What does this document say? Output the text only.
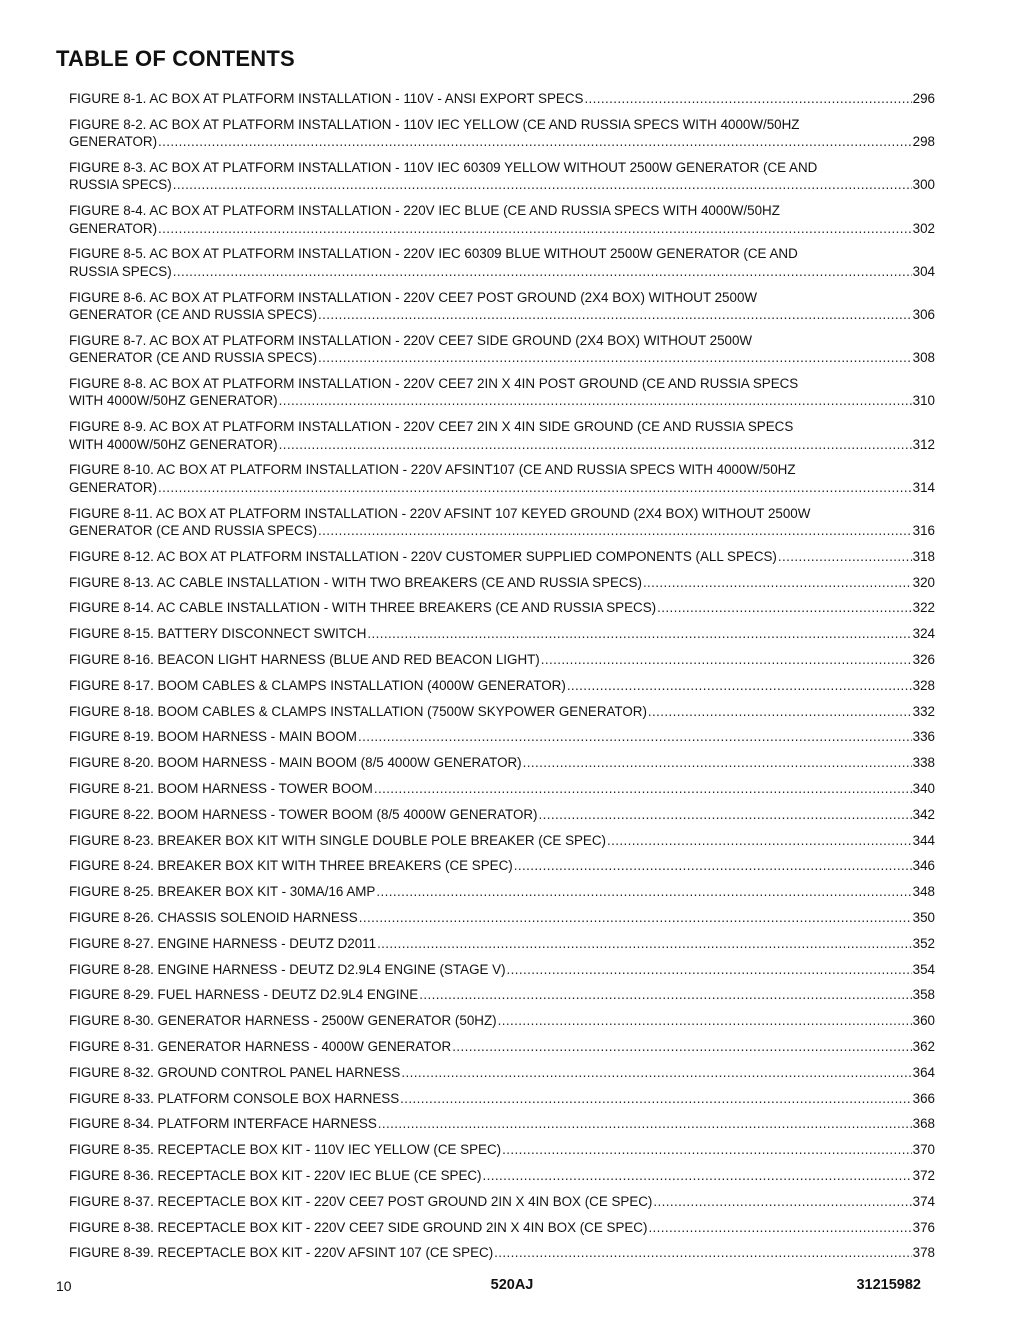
TABLE OF CONTENTS
FIGURE 8-1. AC BOX AT PLATFORM INSTALLATION - 110V - ANSI EXPORT SPECS .....	296
FIGURE 8-2. AC BOX AT PLATFORM INSTALLATION - 110V IEC YELLOW (CE AND RUSSIA SPECS WITH 4000W/50HZ
GENERATOR) .....	298
FIGURE 8-3. AC BOX AT PLATFORM INSTALLATION - 110V IEC 60309 YELLOW WITHOUT 2500W GENERATOR (CE AND
RUSSIA SPECS) .....	300
FIGURE 8-4. AC BOX AT PLATFORM INSTALLATION - 220V IEC BLUE (CE AND RUSSIA SPECS WITH 4000W/50HZ
GENERATOR) .....	302
FIGURE 8-5. AC BOX AT PLATFORM INSTALLATION - 220V IEC 60309 BLUE WITHOUT 2500W GENERATOR (CE AND
RUSSIA SPECS) .....	304
FIGURE 8-6. AC BOX AT PLATFORM INSTALLATION - 220V CEE7 POST GROUND (2X4 BOX) WITHOUT 2500W
GENERATOR (CE AND RUSSIA SPECS) .....	306
FIGURE 8-7. AC BOX AT PLATFORM INSTALLATION - 220V CEE7 SIDE GROUND (2X4 BOX) WITHOUT 2500W
GENERATOR (CE AND RUSSIA SPECS) .....	308
FIGURE 8-8. AC BOX AT PLATFORM INSTALLATION - 220V CEE7 2IN X 4IN POST GROUND (CE AND RUSSIA SPECS
WITH 4000W/50HZ GENERATOR) .....	310
FIGURE 8-9. AC BOX AT PLATFORM INSTALLATION - 220V CEE7 2IN X 4IN SIDE GROUND (CE AND RUSSIA SPECS
WITH 4000W/50HZ GENERATOR) .....	312
FIGURE 8-10. AC BOX AT PLATFORM INSTALLATION - 220V AFSINT107 (CE AND RUSSIA SPECS WITH 4000W/50HZ
GENERATOR) .....	314
FIGURE 8-11. AC BOX AT PLATFORM INSTALLATION - 220V AFSINT 107 KEYED GROUND (2X4 BOX) WITHOUT 2500W
GENERATOR (CE AND RUSSIA SPECS) .....	316
FIGURE 8-12. AC BOX AT PLATFORM INSTALLATION - 220V CUSTOMER SUPPLIED COMPONENTS (ALL SPECS) .....	318
FIGURE 8-13. AC CABLE INSTALLATION - WITH TWO BREAKERS (CE AND RUSSIA SPECS) .....	320
FIGURE 8-14. AC CABLE INSTALLATION - WITH THREE BREAKERS (CE AND RUSSIA SPECS) .....	322
FIGURE 8-15. BATTERY DISCONNECT SWITCH .....	324
FIGURE 8-16. BEACON LIGHT HARNESS (BLUE AND RED BEACON LIGHT) .....	326
FIGURE 8-17. BOOM CABLES & CLAMPS INSTALLATION (4000W GENERATOR) .....	328
FIGURE 8-18. BOOM CABLES & CLAMPS INSTALLATION (7500W SKYPOWER GENERATOR) .....	332
FIGURE 8-19. BOOM HARNESS - MAIN BOOM .....	336
FIGURE 8-20. BOOM HARNESS - MAIN BOOM (8/5 4000W GENERATOR) .....	338
FIGURE 8-21. BOOM HARNESS - TOWER BOOM .....	340
FIGURE 8-22. BOOM HARNESS - TOWER BOOM (8/5 4000W GENERATOR) .....	342
FIGURE 8-23. BREAKER BOX KIT WITH SINGLE DOUBLE POLE BREAKER (CE SPEC) .....	344
FIGURE 8-24. BREAKER BOX KIT WITH THREE BREAKERS (CE SPEC) .....	346
FIGURE 8-25. BREAKER BOX KIT - 30MA/16 AMP .....	348
FIGURE 8-26. CHASSIS SOLENOID HARNESS .....	350
FIGURE 8-27. ENGINE HARNESS - DEUTZ D2011 .....	352
FIGURE 8-28. ENGINE HARNESS - DEUTZ D2.9L4 ENGINE (STAGE V) .....	354
FIGURE 8-29. FUEL HARNESS - DEUTZ D2.9L4 ENGINE .....	358
FIGURE 8-30. GENERATOR HARNESS - 2500W GENERATOR (50HZ) .....	360
FIGURE 8-31. GENERATOR HARNESS - 4000W GENERATOR .....	362
FIGURE 8-32. GROUND CONTROL PANEL HARNESS .....	364
FIGURE 8-33. PLATFORM CONSOLE BOX HARNESS .....	366
FIGURE 8-34. PLATFORM INTERFACE HARNESS .....	368
FIGURE 8-35. RECEPTACLE BOX KIT - 110V IEC YELLOW (CE SPEC) .....	370
FIGURE 8-36. RECEPTACLE BOX KIT - 220V IEC BLUE (CE SPEC) .....	372
FIGURE 8-37. RECEPTACLE BOX KIT - 220V CEE7 POST GROUND 2IN X 4IN BOX (CE SPEC) .....	374
FIGURE 8-38. RECEPTACLE BOX KIT - 220V CEE7 SIDE GROUND 2IN X 4IN BOX (CE SPEC) .....	376
FIGURE 8-39. RECEPTACLE BOX KIT - 220V AFSINT 107 (CE SPEC) .....	378
10	520AJ	31215982
